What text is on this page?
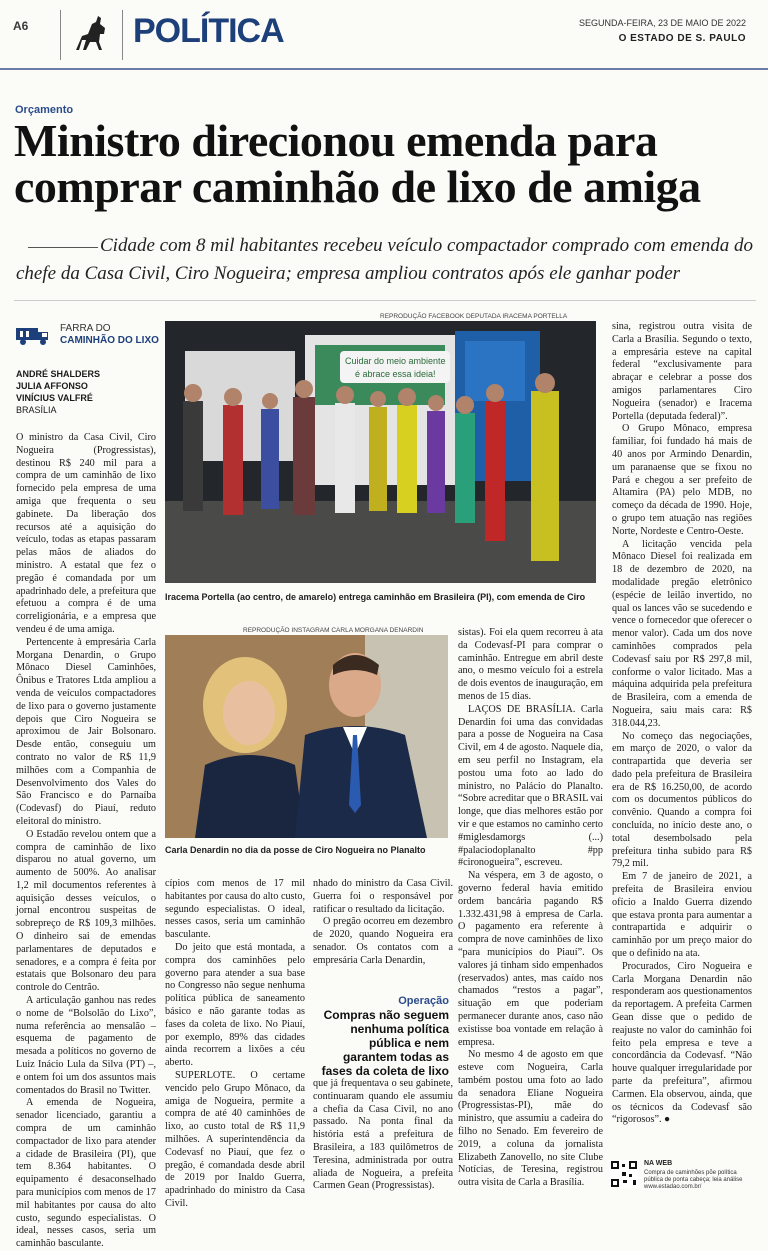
A6	POLÍTICA	SEGUNDA-FEIRA, 23 DE MAIO DE 2022
O ESTADO DE S. PAULO
Orçamento
Ministro direcionou emenda para comprar caminhão de lixo de amiga
Cidade com 8 mil habitantes recebeu veículo compactador comprado com emenda do chefe da Casa Civil, Ciro Nogueira; empresa ampliou contratos após ele ganhar poder
FARRA DO
CAMINHÃO DO LIXO
ANDRÉ SHALDERS
JULIA AFFONSO
VINÍCIUS VALFRÉ
BRASÍLIA

O ministro da Casa Civil, Ciro Nogueira (Progressistas), destinou R$ 240 mil para a compra de um caminhão de lixo fornecido pela empresa de uma amiga que frequenta o seu gabinete. Da liberação dos recursos até a aquisição do veículo, todas as etapas passaram pelas mãos de aliados do ministro. A estatal que fez o pregão é comandada por um apadrinhado dele, a prefeitura que efetuou a compra é de uma correligionária, e a empresa que vendeu é de uma amiga.

Pertencente à empresária Carla Morgana Denardin, o Grupo Mônaco Diesel Caminhões, Ônibus e Tratores Ltda ampliou a venda de veículos compactadores de lixo para o governo justamente depois que Ciro Nogueira se aproximou de Jair Bolsonaro. Desde então, conseguiu um contrato no valor de R$ 11,9 milhões com a Companhia de Desenvolvimento dos Vales do São Francisco e do Parnaíba (Codevasf) do Piauí, reduto eleitoral do ministro.

O Estadão revelou ontem que a compra de caminhão de lixo disparou no atual governo, um aumento de 500%. Ao analisar 1,2 mil documentos referentes à aquisição desses veículos, o jornal encontrou suspeitas de sobrepreço de R$ 109,3 milhões. O dinheiro sai de emendas parlamentares de deputados e senadores, e a compra é feita por estatais que Bolsonaro deu para controle do Centrão.

A articulação ganhou nas redes o nome de “Bolsolão do Lixo”, numa referência ao mensalão – esquema de pagamento de mesada a políticos no governo de Luiz Inácio Lula da Silva (PT) –, e ontem foi um dos assuntos mais comentados do Brasil no Twitter.

A emenda de Nogueira, senador licenciado, garantiu a compra de um caminhão compactador de lixo para atender a cidade de Brasileira (PI), que tem 8.364 habitantes. O equipamento é desaconselhado para municípios com menos de 17 mil habitantes por causa do alto custo, segundo especialistas. O ideal, nesses casos, seria um caminhão basculante.

REPRODUÇÃO FACEBOOK DEPUTADA IRACEMA PORTELLA
Cuidar do meio ambiente
é abrace essa ideia!
Iracema Portella (ao centro, de amarelo) entrega caminhão em Brasileira (PI), com emenda de Ciro
REPRODUÇÃO INSTAGRAM CARLA MORGANA DENARDIN
Carla Denardin no dia da posse de Ciro Nogueira no Planalto

sistas). Foi ela quem recorreu à ata da Codevasf-PI para comprar o caminhão. Entregue em abril deste ano, o mesmo veículo foi a estrela de dois eventos de inauguração, em menos de 15 dias.

LAÇOS DE BRASÍLIA. Carla Denardin foi uma das convidadas para a posse de Nogueira na Casa Civil, em 4 de agosto. Naquele dia, em seu perfil no Instagram, ela postou uma foto ao lado do ministro, no Palácio do Planalto. “Sobre acreditar que o BRASIL vai longe, que dias melhores estão por vir e que estamos no caminho certo #miglesdamorgs (...) #palaciodoplanalto #pp #cironogueira”, escreveu.

Na véspera, em 3 de agosto, o governo federal havia emitido ordem bancária pagando R$ 1.332.431,98 à empresa de Carla. O pagamento era referente à compra de nove caminhões de lixo “para municípios do Piauí”. Os valores já tinham sido empenhados (reservados) antes, mas caído nos chamados “restos a pagar”, situação em que poderiam permanecer durante anos, caso não existisse boa vontade em relação à empresa.

No mesmo 4 de agosto em que esteve com Nogueira, Carla também postou uma foto ao lado da senadora Eliane Nogueira (Progressistas-PI), mãe do ministro, que assumiu a cadeira do filho no Senado. Em fevereiro de 2019, a coluna da jornalista Elizabeth Zanovello, no site Clube Notícias, de Teresina, registrou outra visita de Carla a Brasília.

cípios com menos de 17 mil habitantes por causa do alto custo, segundo especialistas. O ideal, nesses casos, seria um caminhão basculante.

Do jeito que está montada, a compra dos caminhões pelo governo para atender a sua base no Congresso não segue nenhuma política pública de saneamento básico e não garante todas as fases da coleta de lixo. No Piauí, por exemplo, 89% das cidades ainda recorrem a lixões a céu aberto.

SUPERLOTE. O certame vencido pelo Grupo Mônaco, da amiga de Nogueira, permite a compra de até 40 caminhões de lixo, ao custo total de R$ 11,9 milhões. A superintendência da Codevasf no Piauí, que fez o pregão, é comandada desde abril de 2019 por Inaldo Guerra, apadrinhado do ministro da Casa Civil.

nhado do ministro da Casa Civil. Guerra foi o responsável por ratificar o resultado da licitação.

O pregão ocorreu em dezembro de 2020, quando Nogueira era senador. Os contatos com a empresária Carla Denardin,

Operação
Compras não seguem nenhuma política pública e nem garantem todas as fases da coleta de lixo

que já frequentava o seu gabinete, continuaram quando ele assumiu a chefia da Casa Civil, no ano passado. Na ponta final da história está a prefeitura de Brasileira, a 183 quilômetros de Teresina, administrada por outra aliada de Nogueira, a prefeita Carmen Gean (Progressistas).

sina, registrou outra visita de Carla a Brasília. Segundo o texto, a empresária esteve na capital federal “exclusivamente para abraçar e celebrar a posse dos amigos parlamentares Ciro Nogueira (senador) e Iracema Portella (deputada federal)”.

O Grupo Mônaco, empresa familiar, foi fundado há mais de 40 anos por Armindo Denardin, um paranaense que se fixou no Pará e chegou a ser prefeito de Altamira (PA) pelo MDB, no começo da década de 1990. Hoje, o grupo tem atuação nas regiões Norte, Nordeste e Centro-Oeste.

A licitação vencida pela Mônaco Diesel foi realizada em 18 de dezembro de 2020, na modalidade pregão eletrônico (espécie de leilão invertido, no qual os lances vão se sucedendo e vence o fornecedor que oferecer o menor valor). Cada um dos nove caminhões comprados pela Codevasf saiu por R$ 297,8 mil, conforme o valor licitado. Mas a máquina adquirida pela prefeitura de Brasileira, com a emenda de Nogueira, saiu mais cara: R$ 318.044,23.

No começo das negociações, em março de 2020, o valor da contrapartida que deveria ser dado pela prefeitura de Brasileira era de R$ 16.250,00, de acordo com os documentos públicos do convênio. Quando a compra foi concluída, no início deste ano, o total desembolsado pela prefeitura tinha subido para R$ 79,2 mil.

Em 7 de janeiro de 2021, a prefeita de Brasileira enviou ofício a Inaldo Guerra dizendo que estava pronta para aumentar a contrapartida e adquirir o caminhão por um preço maior do que o definido na ata.

Procurados, Ciro Nogueira e Carla Morgana Denardin não responderam aos questionamentos da reportagem. A prefeita Carmen Gean disse que o pedido de reajuste no valor do caminhão foi feito pela empresa e teve a concordância da Codevasf. “Não houve qualquer irregularidade por parte da prefeitura”, afirmou Carmen. Ela observou, ainda, que os técnicos da Codevasf são “rigorosos”. ●

NA WEB
Compra de caminhões põe política pública de ponta cabeça; leia análise www.estadao.com.br/
